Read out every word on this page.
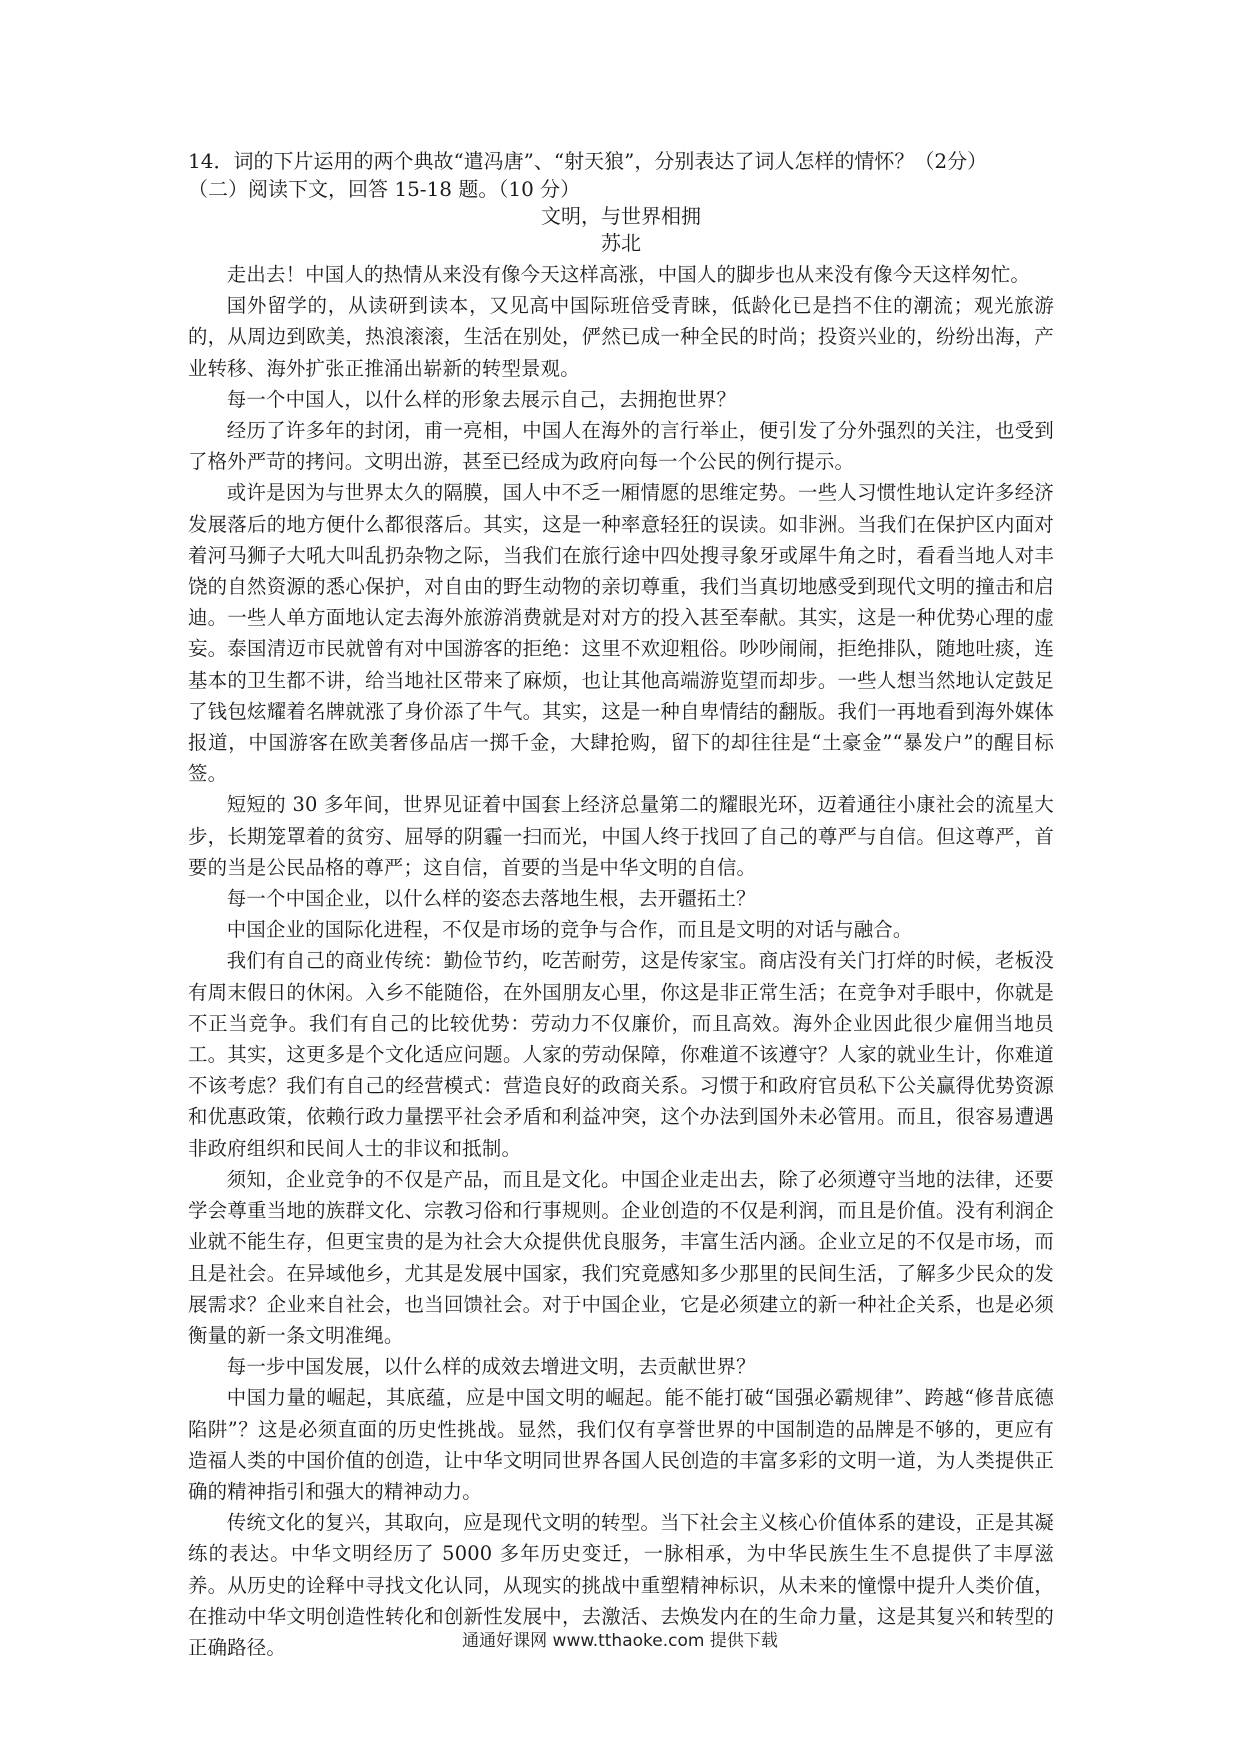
14．词的下片运用的两个典故“遣冯唐”、“射天狼”，分别表达了词人怎样的情怀？（2分）

（二）阅读下文，回答 15-18 题。（10 分）

文明，与世界相拥

苏北

走出去！中国人的热情从来没有像今天这样高涨，中国人的脚步也从来没有像今天这样匆忙。

国外留学的，从读研到读本，又见高中国际班倍受青睐，低龄化已是挡不住的潮流；观光旅游的，从周边到欧美，热浪滚滚，生活在别处，俨然已成一种全民的时尚；投资兴业的，纷纷出海，产业转移、海外扩张正推涌出崭新的转型景观。

每一个中国人，以什么样的形象去展示自己，去拥抱世界？

经历了许多年的封闭，甫一亮相，中国人在海外的言行举止，便引发了分外强烈的关注，也受到了格外严苛的拷问。文明出游，甚至已经成为政府向每一个公民的例行提示。

或许是因为与世界太久的隔膜，国人中不乏一厢情愿的思维定势。一些人习惯性地认定许多经济发展落后的地方便什么都很落后。其实，这是一种率意轻狂的误读。如非洲。当我们在保护区内面对着河马狮子大吼大叫乱扔杂物之际，当我们在旅行途中四处搜寻象牙或犀牛角之时，看看当地人对丰饶的自然资源的悉心保护，对自由的野生动物的亲切尊重，我们当真切地感受到现代文明的撞击和启迪。一些人单方面地认定去海外旅游消费就是对对方的投入甚至奉献。其实，这是一种优势心理的虚妄。泰国清迈市民就曾有对中国游客的拒绝：这里不欢迎粗俗。吵吵闹闹，拒绝排队，随地吐痰，连基本的卫生都不讲，给当地社区带来了麻烦，也让其他高端游览望而却步。一些人想当然地认定鼓足了钱包炫耀着名牌就涨了身价添了牛气。其实，这是一种自卑情结的翻版。我们一再地看到海外媒体报道，中国游客在欧美奢侈品店一掷千金，大肆抢购，留下的却往往是“土豪金”“暴发户”的醒目标签。

短短的 30 多年间，世界见证着中国套上经济总量第二的耀眼光环，迈着通往小康社会的流星大步，长期笼罩着的贫穷、屈辱的阴霾一扫而光，中国人终于找回了自己的尊严与自信。但这尊严，首要的当是公民品格的尊严；这自信，首要的当是中华文明的自信。

每一个中国企业，以什么样的姿态去落地生根，去开疆拓土？

中国企业的国际化进程，不仅是市场的竞争与合作，而且是文明的对话与融合。

我们有自己的商业传统：勤俭节约，吃苦耐劳，这是传家宝。商店没有关门打烊的时候，老板没有周末假日的休闲。入乡不能随俗，在外国朋友心里，你这是非正常生活；在竞争对手眼中，你就是不正当竞争。我们有自己的比较优势：劳动力不仅廉价，而且高效。海外企业因此很少雇佣当地员工。其实，这更多是个文化适应问题。人家的劳动保障，你难道不该遵守？人家的就业生计，你难道不该考虑？我们有自己的经营模式：营造良好的政商关系。习惯于和政府官员私下公关赢得优势资源和优惠政策，依赖行政力量摆平社会矛盾和利益冲突，这个办法到国外未必管用。而且，很容易遭遇非政府组织和民间人士的非议和抵制。

须知，企业竞争的不仅是产品，而且是文化。中国企业走出去，除了必须遵守当地的法律，还要学会尊重当地的族群文化、宗教习俗和行事规则。企业创造的不仅是利润，而且是价值。没有利润企业就不能生存，但更宝贵的是为社会大众提供优良服务，丰富生活内涵。企业立足的不仅是市场，而且是社会。在异域他乡，尤其是发展中国家，我们究竟感知多少那里的民间生活，了解多少民众的发展需求？企业来自社会，也当回馈社会。对于中国企业，它是必须建立的新一种社企关系，也是必须衡量的新一条文明准绳。

每一步中国发展，以什么样的成效去增进文明，去贡献世界？

中国力量的崛起，其底蕴，应是中国文明的崛起。能不能打破“国强必霸规律”、跨越“修昔底德陷阱”？这是必须直面的历史性挑战。显然，我们仅有享誉世界的中国制造的品牌是不够的，更应有造福人类的中国价值的创造，让中华文明同世界各国人民创造的丰富多彩的文明一道，为人类提供正确的精神指引和强大的精神动力。

传统文化的复兴，其取向，应是现代文明的转型。当下社会主义核心价值体系的建设，正是其凝练的表达。中华文明经历了 5000 多年历史变迁，一脉相承，为中华民族生生不息提供了丰厚滋养。从历史的诠释中寻找文化认同，从现实的挑战中重塑精神标识，从未来的憧憬中提升人类价值，在推动中华文明创造性转化和创新性发展中，去激活、去焕发内在的生命力量，这是其复兴和转型的正确路径。	通通好课网 www.tthaoke.com 提供下载
